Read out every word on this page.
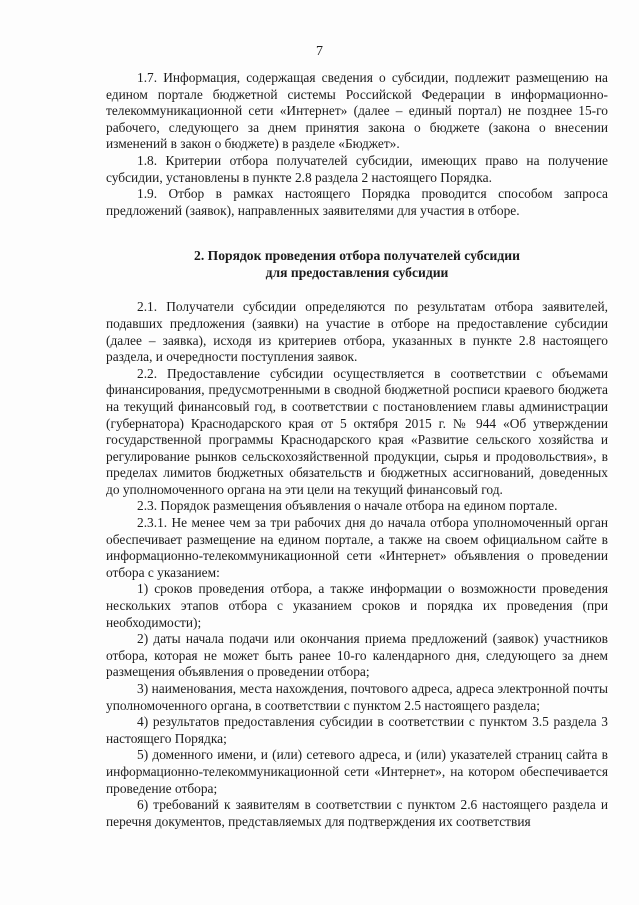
7

1.7. Информация, содержащая сведения о субсидии, подлежит размещению на едином портале бюджетной системы Российской Федерации в информационно-телекоммуникационной сети «Интернет» (далее – единый портал) не позднее 15-го рабочего, следующего за днем принятия закона о бюджете (закона о внесении изменений в закон о бюджете) в разделе «Бюджет».

1.8. Критерии отбора получателей субсидии, имеющих право на получение субсидии, установлены в пункте 2.8 раздела 2 настоящего Порядка.

1.9. Отбор в рамках настоящего Порядка проводится способом запроса предложений (заявок), направленных заявителями для участия в отборе.

2. Порядок проведения отбора получателей субсидии
для предоставления субсидии

2.1. Получатели субсидии определяются по результатам отбора заявителей, подавших предложения (заявки) на участие в отборе на предоставление субсидии (далее – заявка), исходя из критериев отбора, указанных в пункте 2.8 настоящего раздела, и очередности поступления заявок.

2.2. Предоставление субсидии осуществляется в соответствии с объемами финансирования, предусмотренными в сводной бюджетной росписи краевого бюджета на текущий финансовый год, в соответствии с постановлением главы администрации (губернатора) Краснодарского края от 5 октября 2015 г. № 944 «Об утверждении государственной программы Краснодарского края «Развитие сельского хозяйства и регулирование рынков сельскохозяйственной продукции, сырья и продовольствия», в пределах лимитов бюджетных обязательств и бюджетных ассигнований, доведенных до уполномоченного органа на эти цели на текущий финансовый год.

2.3. Порядок размещения объявления о начале отбора на едином портале.

2.3.1. Не менее чем за три рабочих дня до начала отбора уполномоченный орган обеспечивает размещение на едином портале, а также на своем официальном сайте в информационно-телекоммуникационной сети «Интернет» объявления о проведении отбора с указанием:

1) сроков проведения отбора, а также информации о возможности проведения нескольких этапов отбора с указанием сроков и порядка их проведения (при необходимости);

2) даты начала подачи или окончания приема предложений (заявок) участников отбора, которая не может быть ранее 10-го календарного дня, следующего за днем размещения объявления о проведении отбора;

3) наименования, места нахождения, почтового адреса, адреса электронной почты уполномоченного органа, в соответствии с пунктом 2.5 настоящего раздела;

4) результатов предоставления субсидии в соответствии с пунктом 3.5 раздела 3 настоящего Порядка;

5) доменного имени, и (или) сетевого адреса, и (или) указателей страниц сайта в информационно-телекоммуникационной сети «Интернет», на котором обеспечивается проведение отбора;

6) требований к заявителям в соответствии с пунктом 2.6 настоящего раздела и перечня документов, представляемых для подтверждения их соответствия
